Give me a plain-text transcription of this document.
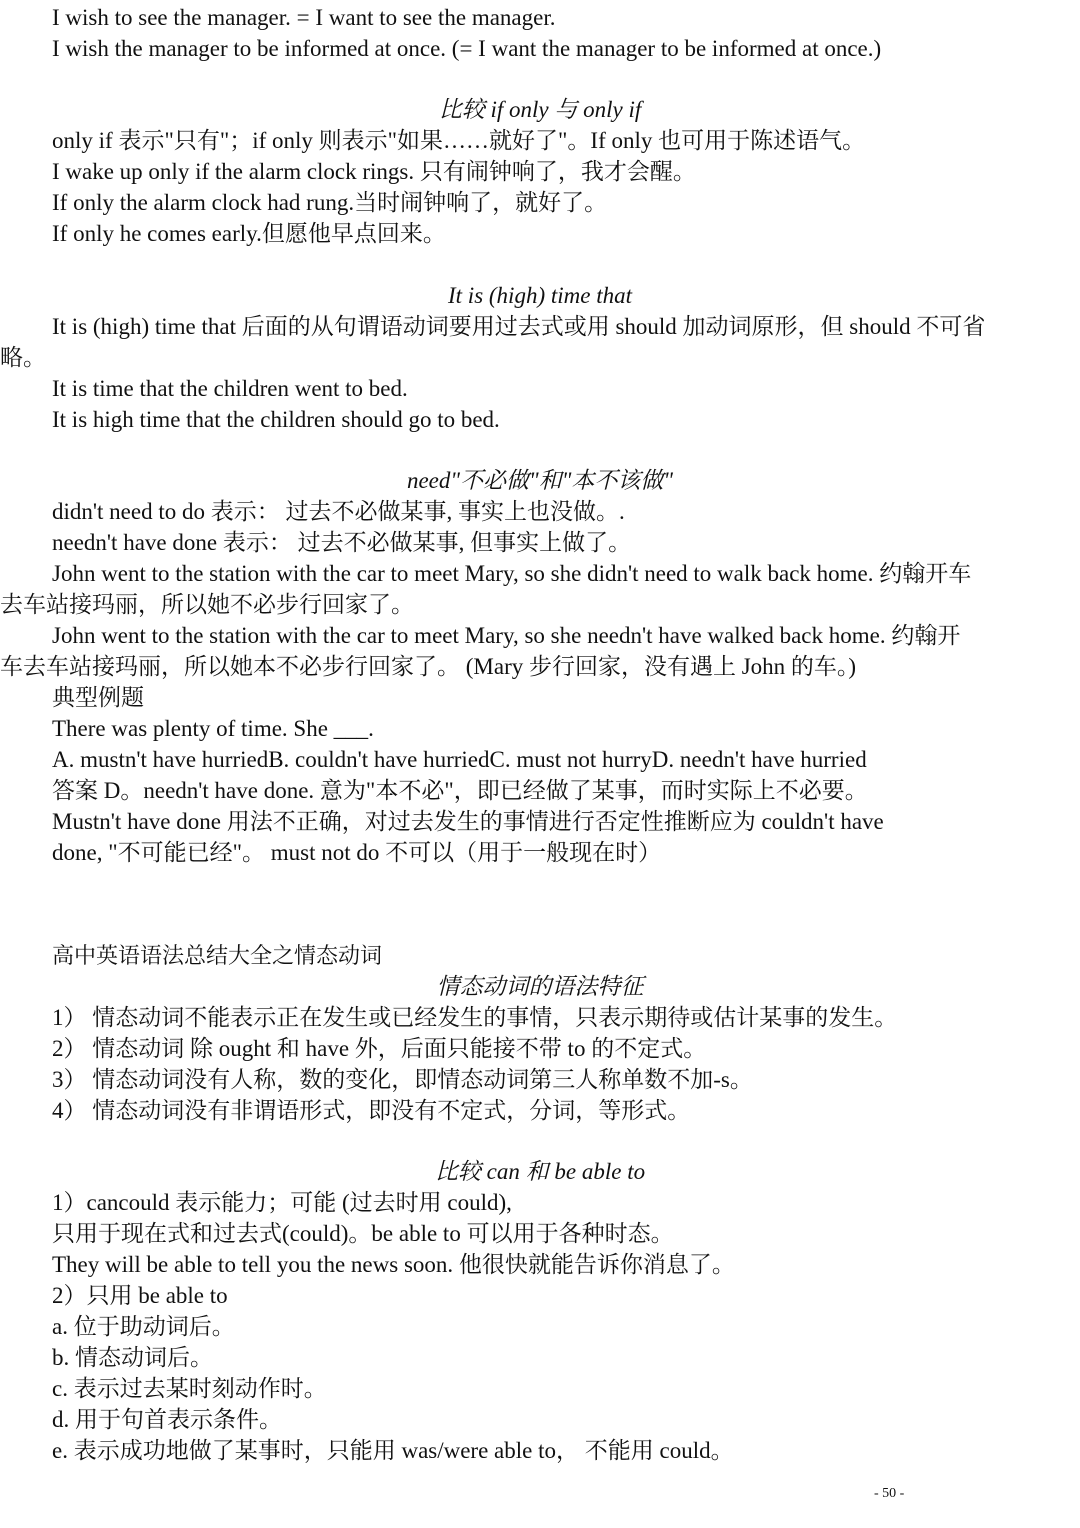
I wish to see the manager. = I want to see the manager.
I wish the manager to be informed at once. (= I want the manager to be informed at once.)
比较 if only 与 only if
only if 表示"只有"；if only 则表示"如果……就好了"。If only 也可用于陈述语气。
I wake up only if the alarm clock rings. 只有闹钟响了，我才会醒。
If only the alarm clock had rung.当时闹钟响了，就好了。
If only he comes early.但愿他早点回来。
It is (high) time that
It is (high) time that 后面的从句谓语动词要用过去式或用 should 加动词原形，但 should 不可省
略。
It is time that the children went to bed.
It is high time that the children should go to bed.
need"不必做"和"本不该做"
didn't need to do 表示： 过去不必做某事, 事实上也没做。.
needn't have done 表示： 过去不必做某事, 但事实上做了。
John went to the station with the car to meet Mary, so she didn't need to walk back home. 约翰开车
去车站接玛丽，所以她不必步行回家了。
John went to the station with the car to meet Mary, so she needn't have walked back home. 约翰开
车去车站接玛丽，所以她本不必步行回家了。 (Mary 步行回家，没有遇上 John 的车。)
典型例题
There was plenty of time. She ___.
A. mustn't have hurriedB. couldn't have hurriedC. must not hurryD. needn't have hurried
答案 D。needn't have done. 意为"本不必"，即已经做了某事，而时实际上不必要。
Mustn't have done 用法不正确，对过去发生的事情进行否定性推断应为 couldn't have
done, "不可能已经"。 must not do 不可以（用于一般现在时）
高中英语语法总结大全之情态动词
情态动词的语法特征
1） 情态动词不能表示正在发生或已经发生的事情，只表示期待或估计某事的发生。
2） 情态动词 除 ought 和 have 外，后面只能接不带 to 的不定式。
3） 情态动词没有人称，数的变化，即情态动词第三人称单数不加-s。
4） 情态动词没有非谓语形式，即没有不定式，分词，等形式。
比较 can 和 be able to
1）cancould 表示能力；可能 (过去时用 could),
只用于现在式和过去式(could)。be able to 可以用于各种时态。
They will be able to tell you the news soon. 他很快就能告诉你消息了。
2）只用 be able to
a. 位于助动词后。
b. 情态动词后。
c. 表示过去某时刻动作时。
d. 用于句首表示条件。
e. 表示成功地做了某事时，只能用 was/were able to， 不能用 could。
- 50 -
